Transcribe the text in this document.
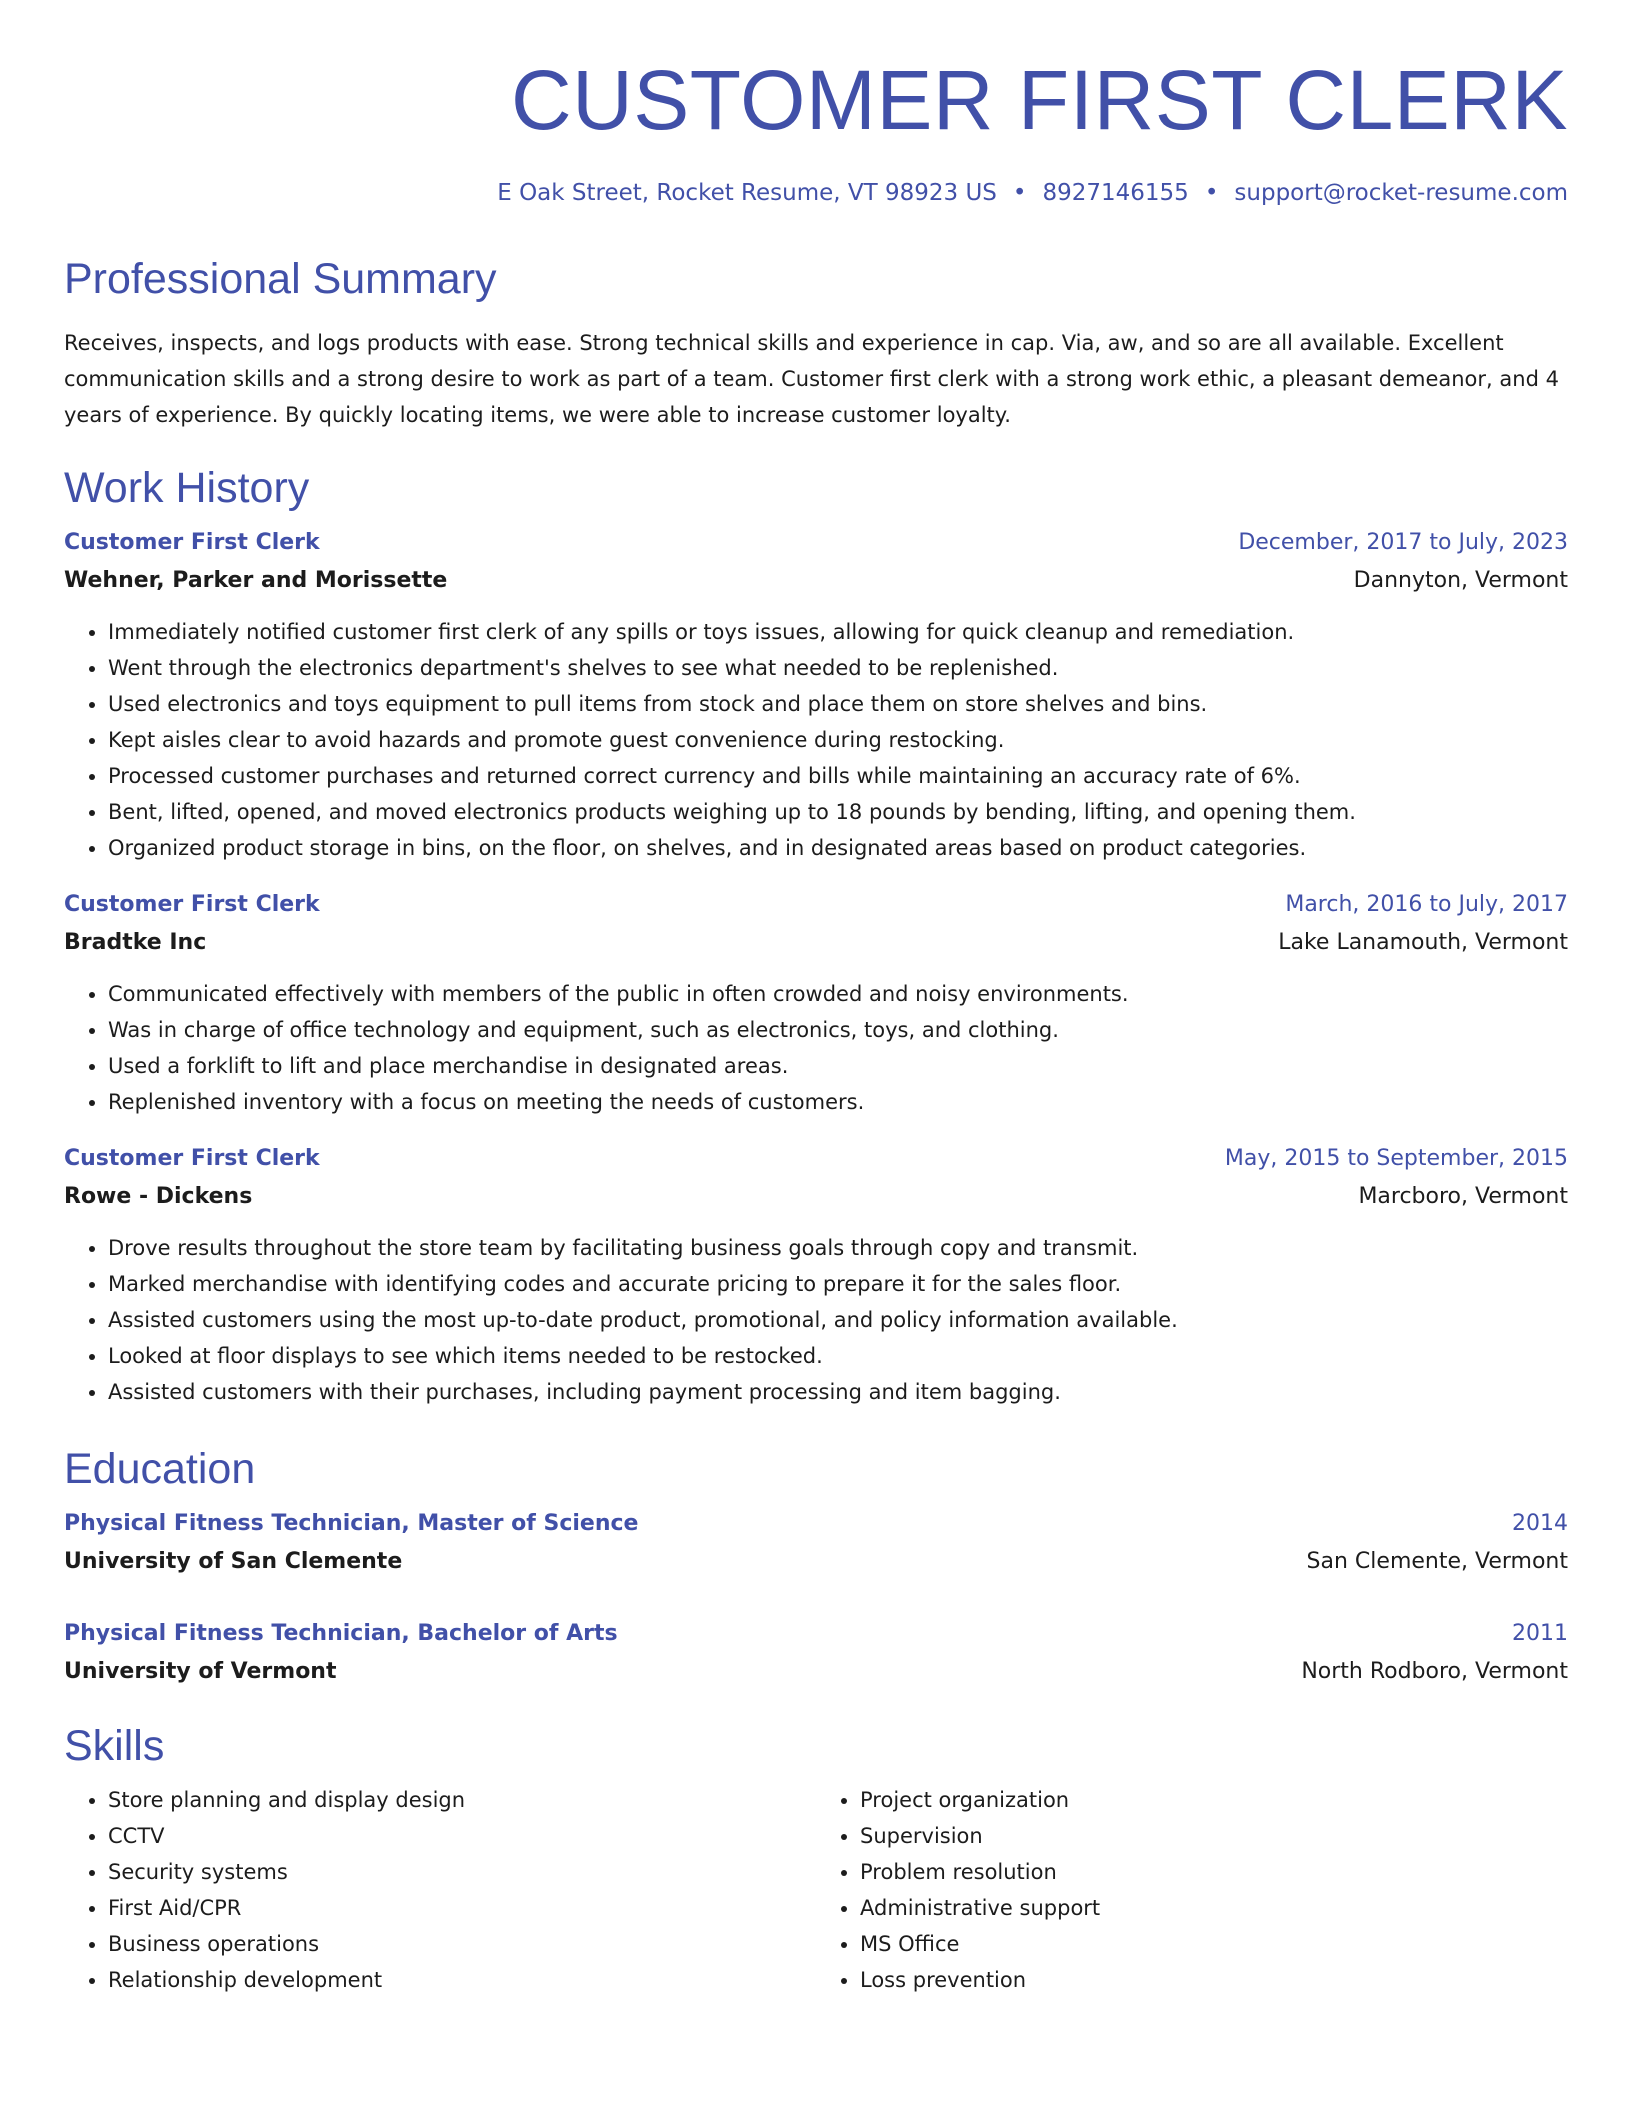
CUSTOMER FIRST CLERK
E Oak Street, Rocket Resume, VT 98923 US • 8927146155 • support@rocket-resume.com
Professional Summary

Receives, inspects, and logs products with ease. Strong technical skills and experience in cap. Via, aw, and so are all available. Excellent communication skills and a strong desire to work as part of a team. Customer first clerk with a strong work ethic, a pleasant demeanor, and 4 years of experience. By quickly locating items, we were able to increase customer loyalty.

Work History
Customer First Clerk	December, 2017 to July, 2023
Wehner, Parker and Morissette	Dannyton, Vermont
• Immediately notified customer first clerk of any spills or toys issues, allowing for quick cleanup and remediation.
• Went through the electronics department's shelves to see what needed to be replenished.
• Used electronics and toys equipment to pull items from stock and place them on store shelves and bins.
• Kept aisles clear to avoid hazards and promote guest convenience during restocking.
• Processed customer purchases and returned correct currency and bills while maintaining an accuracy rate of 6%.
• Bent, lifted, opened, and moved electronics products weighing up to 18 pounds by bending, lifting, and opening them.
• Organized product storage in bins, on the floor, on shelves, and in designated areas based on product categories.
Customer First Clerk	March, 2016 to July, 2017
Bradtke Inc	Lake Lanamouth, Vermont
• Communicated effectively with members of the public in often crowded and noisy environments.
• Was in charge of office technology and equipment, such as electronics, toys, and clothing.
• Used a forklift to lift and place merchandise in designated areas.
• Replenished inventory with a focus on meeting the needs of customers.
Customer First Clerk	May, 2015 to September, 2015
Rowe - Dickens	Marcboro, Vermont
• Drove results throughout the store team by facilitating business goals through copy and transmit.
• Marked merchandise with identifying codes and accurate pricing to prepare it for the sales floor.
• Assisted customers using the most up-to-date product, promotional, and policy information available.
• Looked at floor displays to see which items needed to be restocked.
• Assisted customers with their purchases, including payment processing and item bagging.
Education
Physical Fitness Technician, Master of Science	2014
University of San Clemente	San Clemente, Vermont
Physical Fitness Technician, Bachelor of Arts	2011
University of Vermont	North Rodboro, Vermont
Skills
• Store planning and display design
• CCTV
• Security systems
• First Aid/CPR
• Business operations
• Relationship development
• Project organization
• Supervision
• Problem resolution
• Administrative support
• MS Office
• Loss prevention
